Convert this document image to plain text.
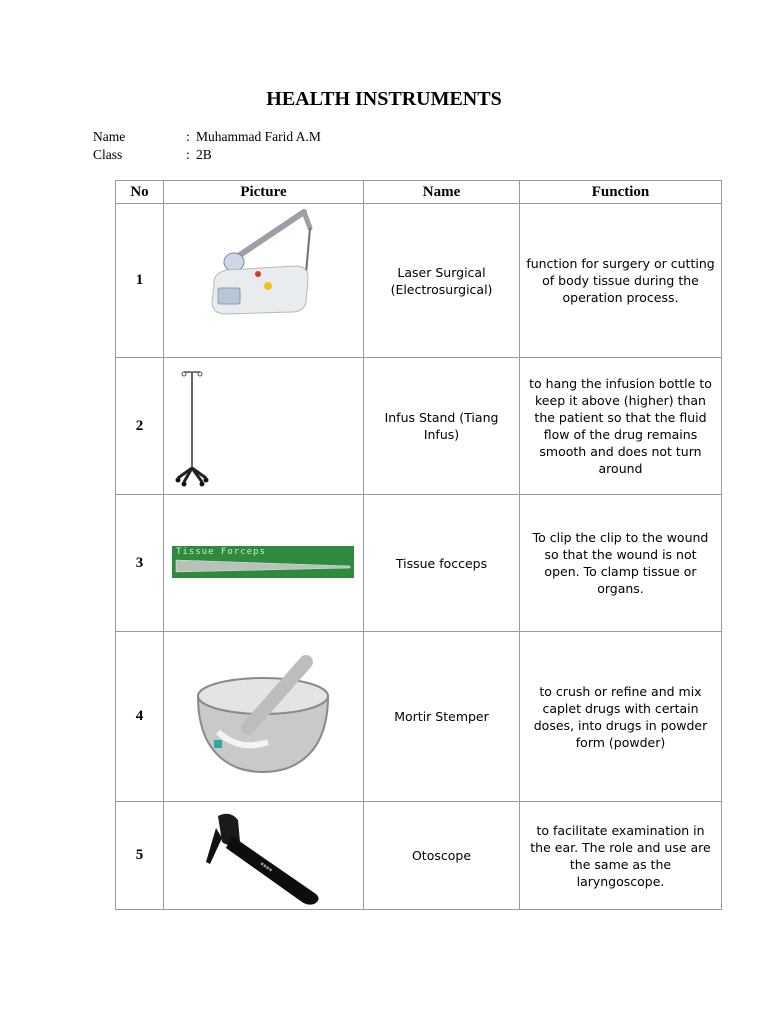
HEALTH INSTRUMENTS
Name	: Muhammad Farid A.M
Class	: 2B
No	Picture	Name	Function
1		Laser Surgical (Electrosurgical)	function for surgery or cutting of body tissue during the operation process.
2		Infus Stand (Tiang Infus)	to hang the infusion bottle to keep it above (higher) than the patient so that the fluid flow of the drug remains smooth and does not turn around
3	Tissue Forceps	Tissue focceps	To clip the clip to the wound so that the wound is not open. To clamp tissue or organs.
4		Mortir Stemper	to crush or refine and mix caplet drugs with certain doses, into drugs in powder form (powder)
5	▪▪▪▪	Otoscope	to facilitate examination in the ear. The role and use are the same as the laryngoscope.
